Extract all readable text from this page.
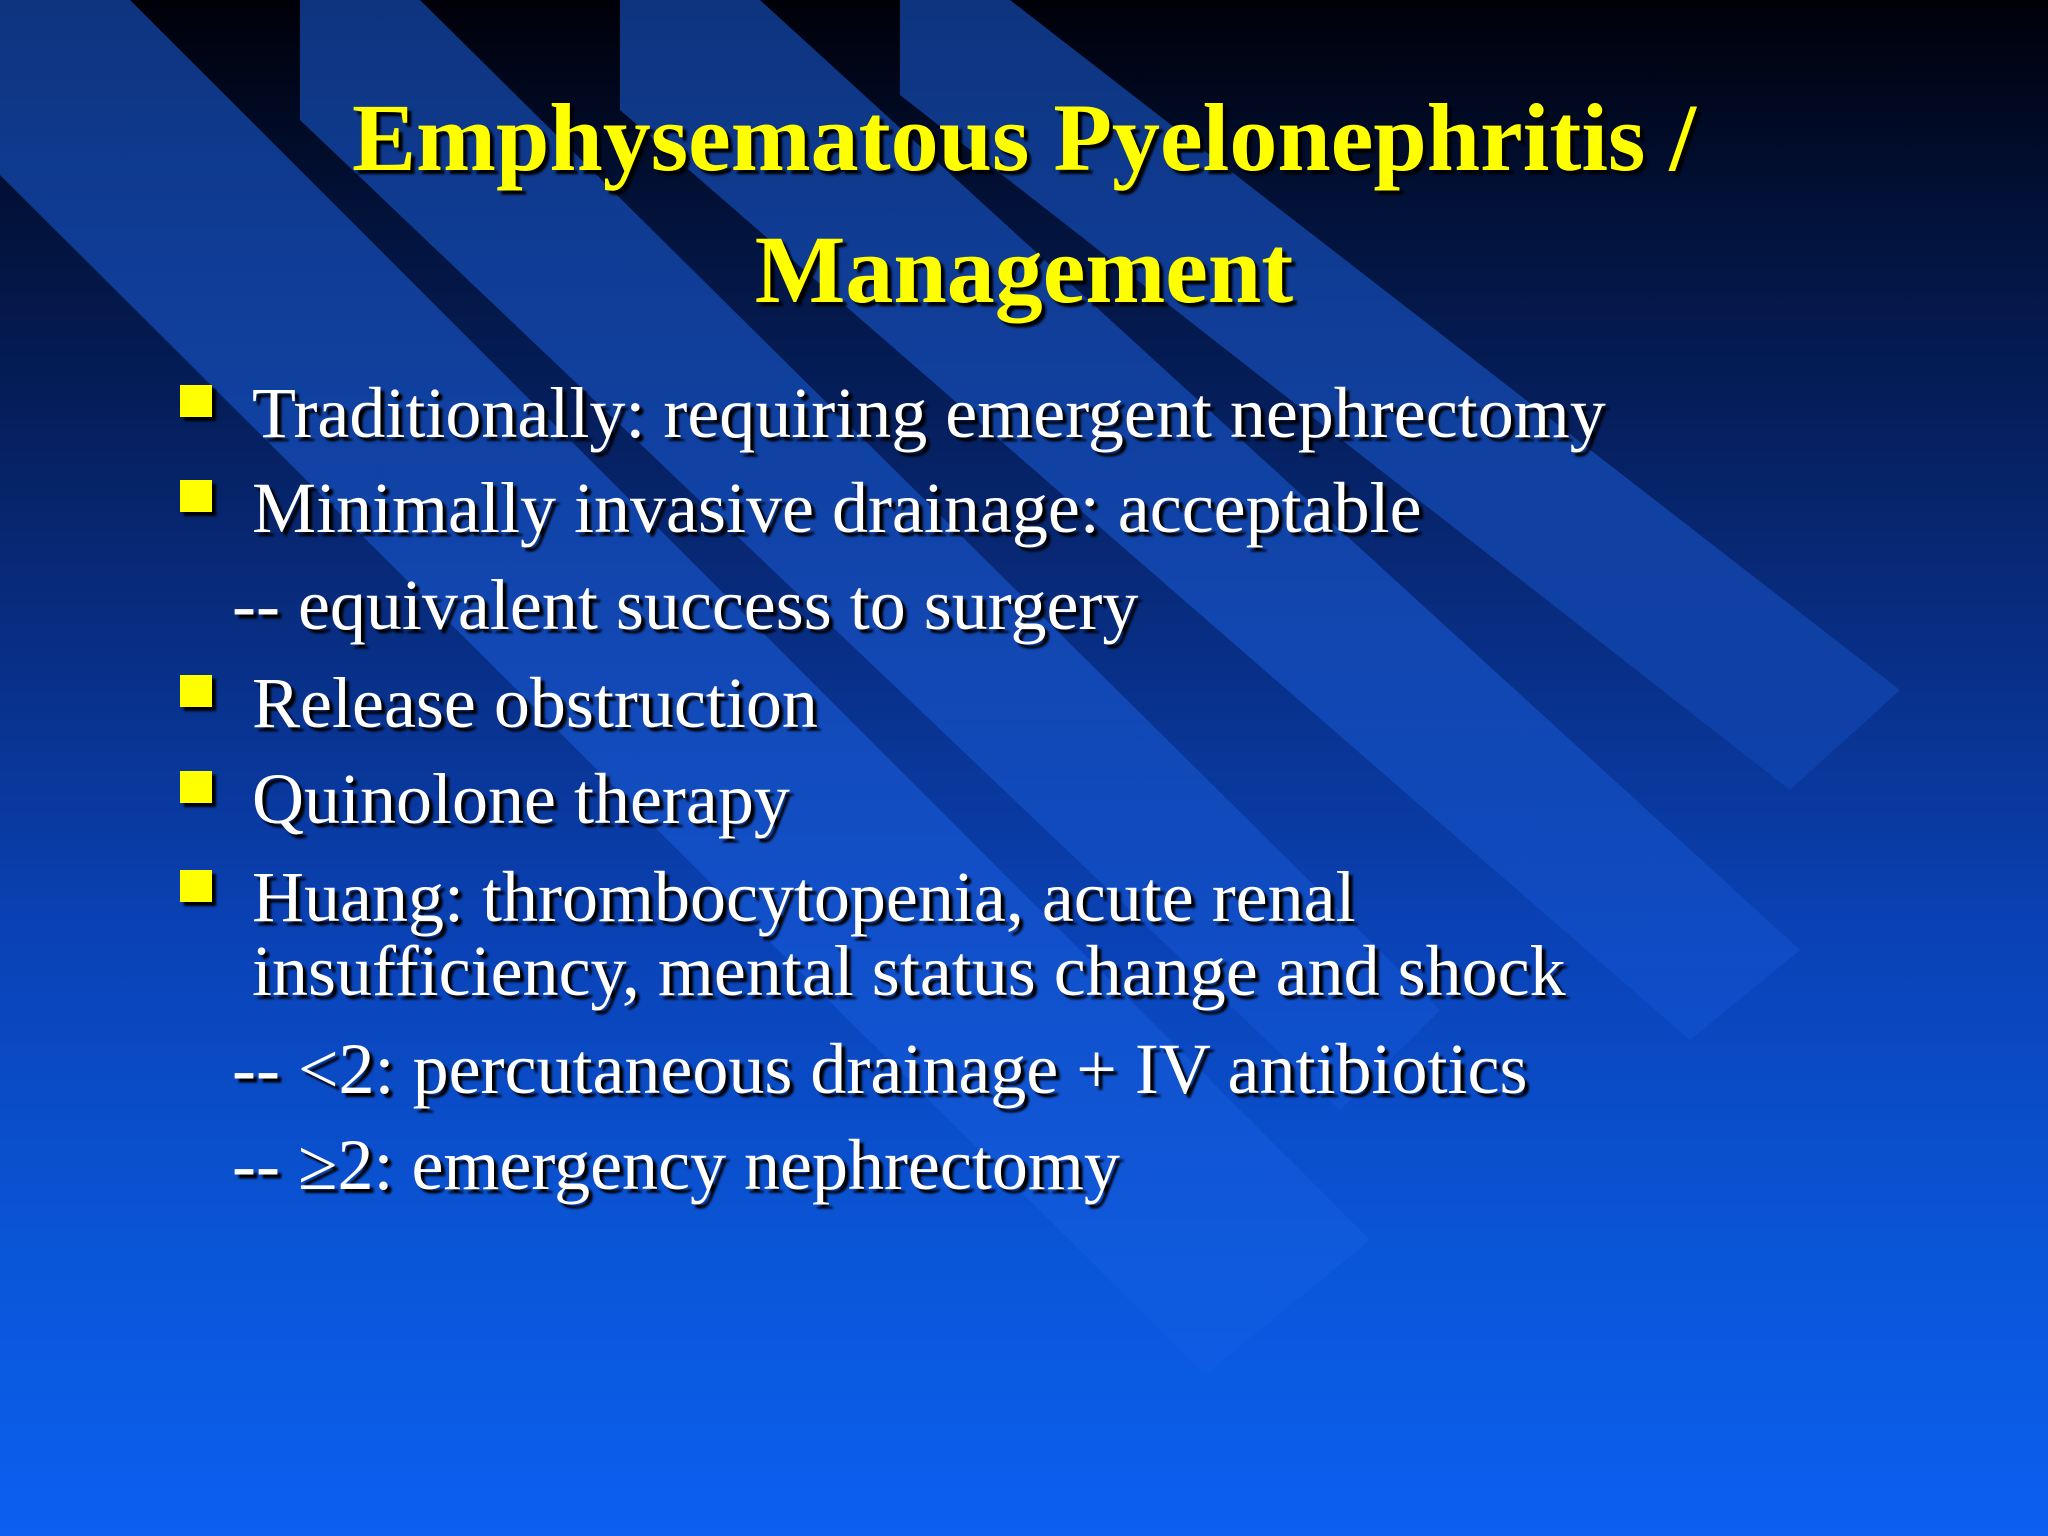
Emphysematous Pyelonephritis /
Management
Traditionally: requiring emergent nephrectomy
Minimally invasive drainage: acceptable
-- equivalent success to surgery
Release obstruction
Quinolone therapy
Huang: thrombocytopenia, acute renal
insufficiency, mental status change and shock
-- <2: percutaneous drainage + IV antibiotics
-- ≥2: emergency nephrectomy
